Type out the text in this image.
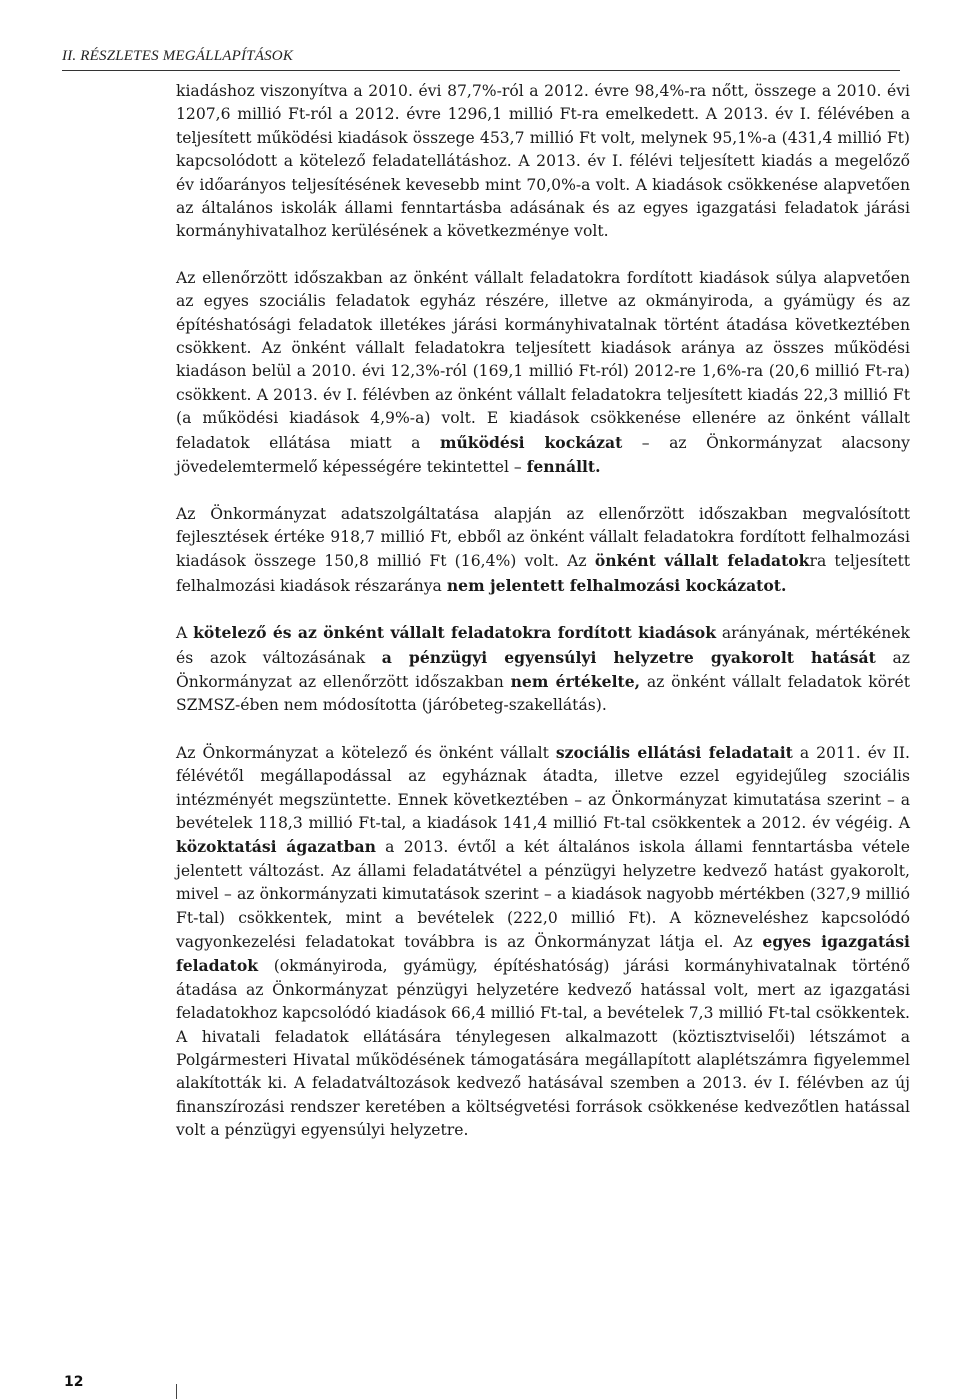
II. RÉSZLETES MEGÁLLAPÍTÁSOK

kiadáshoz viszonyítva a 2010. évi 87,7%-ról a 2012. évre 98,4%-ra nőtt, összege a 2010. évi 1207,6 millió Ft-ról a 2012. évre 1296,1 millió Ft-ra emelkedett. A 2013. év I. félévében a teljesített működési kiadások összege 453,7 millió Ft volt, melynek 95,1%-a (431,4 millió Ft) kapcsolódott a kötelező feladatellátáshoz. A 2013. év I. félévi teljesített kiadás a megelőző év időarányos teljesítésének kevesebb mint 70,0%-a volt. A kiadások csökkenése alapvetően az általános iskolák állami fenntartásba adásának és az egyes igazgatási feladatok járási kormányhivatalhoz kerülésének a következménye volt.

Az ellenőrzött időszakban az önként vállalt feladatokra fordított kiadások súlya alapvetően az egyes szociális feladatok egyház részére, illetve az okmányiroda, a gyámügy és az építéshatósági feladatok illetékes járási kormányhivatalnak történt átadása következtében csökkent. Az önként vállalt feladatokra teljesített kiadások aránya az összes működési kiadáson belül a 2010. évi 12,3%-ról (169,1 millió Ft-ról) 2012-re 1,6%-ra (20,6 millió Ft-ra) csökkent. A 2013. év I. félévben az önként vállalt feladatokra teljesített kiadás 22,3 millió Ft (a működési kiadások 4,9%-a) volt. E kiadások csökkenése ellenére az önként vállalt feladatok ellátása miatt a működési kockázat – az Önkormányzat alacsony jövedelemtermelő képességére tekintettel – fennállt.

Az Önkormányzat adatszolgáltatása alapján az ellenőrzött időszakban megvalósított fejlesztések értéke 918,7 millió Ft, ebből az önként vállalt feladatokra fordított felhalmozási kiadások összege 150,8 millió Ft (16,4%) volt. Az önként vállalt feladatokra teljesített felhalmozási kiadások részaránya nem jelentett felhalmozási kockázatot.

A kötelező és az önként vállalt feladatokra fordított kiadások arányának, mértékének és azok változásának a pénzügyi egyensúlyi helyzetre gyakorolt hatását az Önkormányzat az ellenőrzött időszakban nem értékelte, az önként vállalt feladatok körét SZMSZ-ében nem módosította (járóbeteg-szakellátás).

Az Önkormányzat a kötelező és önként vállalt szociális ellátási feladatait a 2011. év II. félévétől megállapodással az egyháznak átadta, illetve ezzel egyidejűleg szociális intézményét megszüntette. Ennek következtében – az Önkormányzat kimutatása szerint – a bevételek 118,3 millió Ft-tal, a kiadások 141,4 millió Ft-tal csökkentek a 2012. év végéig. A közoktatási ágazatban a 2013. évtől a két általános iskola állami fenntartásba vétele jelentett változást. Az állami feladatátvétel a pénzügyi helyzetre kedvező hatást gyakorolt, mivel – az önkormányzati kimutatások szerint – a kiadások nagyobb mértékben (327,9 millió Ft-tal) csökkentek, mint a bevételek (222,0 millió Ft). A közneveléshez kapcsolódó vagyonkezelési feladatokat továbbra is az Önkormányzat látja el. Az egyes igazgatási feladatok (okmányiroda, gyámügy, építéshatóság) járási kormányhivatalnak történő átadása az Önkormányzat pénzügyi helyzetére kedvező hatással volt, mert az igazgatási feladatokhoz kapcsolódó kiadások 66,4 millió Ft-tal, a bevételek 7,3 millió Ft-tal csökkentek. A hivatali feladatok ellátására ténylegesen alkalmazott (köztisztviselői) létszámot a Polgármesteri Hivatal működésének támogatására megállapított alaplétszámra figyelemmel alakították ki. A feladatváltozások kedvező hatásával szemben a 2013. év I. félévben az új finanszírozási rendszer keretében a költségvetési források csökkenése kedvezőtlen hatással volt a pénzügyi egyensúlyi helyzetre.

12
